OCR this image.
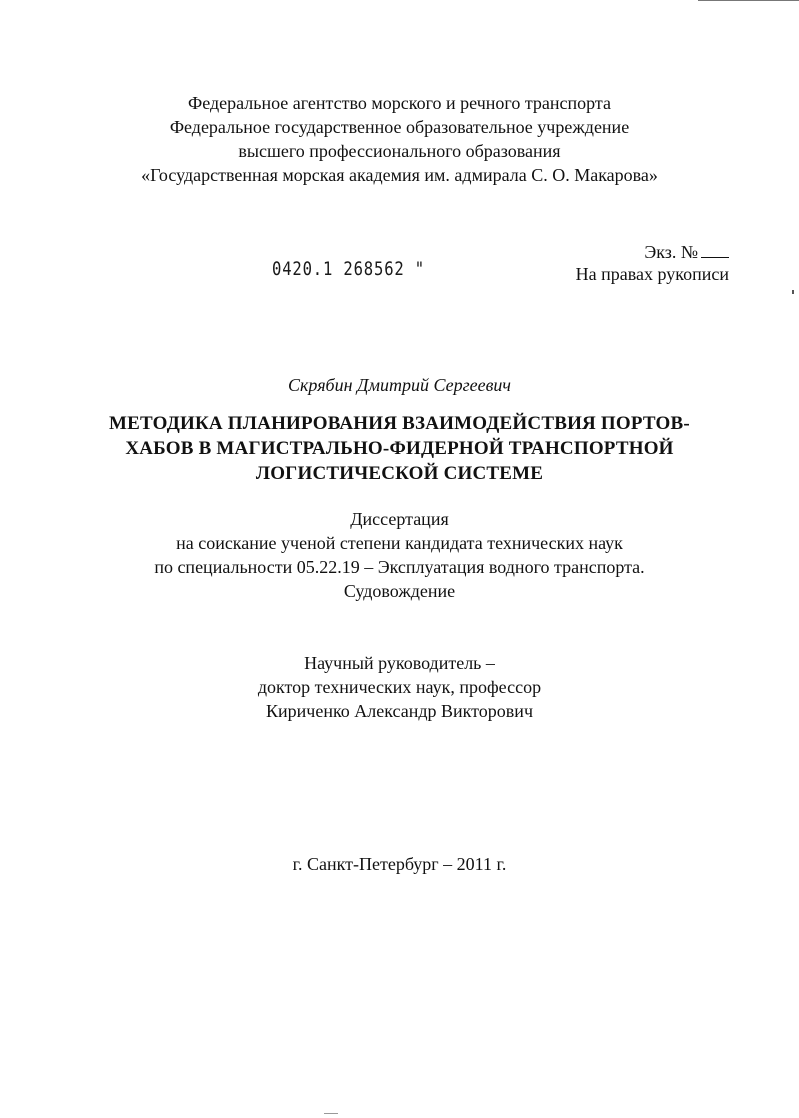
Федеральное агентство морского и речного транспорта
Федеральное государственное образовательное учреждение
высшего профессионального образования
«Государственная морская академия им. адмирала С. О. Макарова»
Экз. №
0420.1 268562 "	На правах рукописи
Скрябин Дмитрий Сергеевич
МЕТОДИКА ПЛАНИРОВАНИЯ ВЗАИМОДЕЙСТВИЯ ПОРТОВ-
ХАБОВ В МАГИСТРАЛЬНО-ФИДЕРНОЙ ТРАНСПОРТНОЙ
ЛОГИСТИЧЕСКОЙ СИСТЕМЕ
Диссертация
на соискание ученой степени кандидата технических наук
по специальности 05.22.19 – Эксплуатация водного транспорта.
Судовождение
Научный руководитель –
доктор технических наук, профессор
Кириченко Александр Викторович
г. Санкт-Петербург – 2011 г.
